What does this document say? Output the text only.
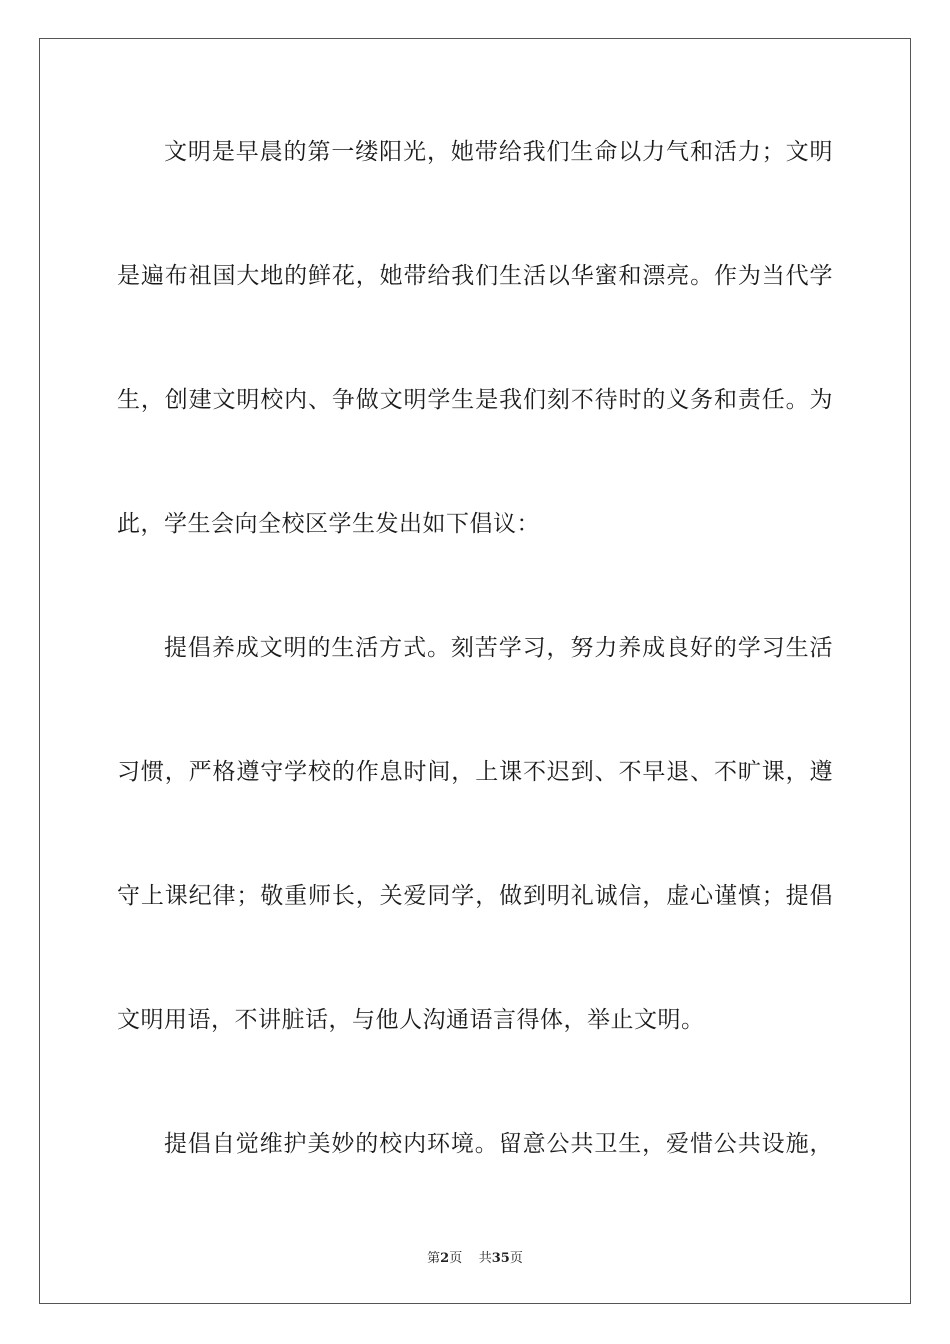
文明是早晨的第一缕阳光，她带给我们生命以力气和活力；文明

是遍布祖国大地的鲜花，她带给我们生活以华蜜和漂亮。作为当代学

生，创建文明校内、争做文明学生是我们刻不待时的义务和责任。为

此，学生会向全校区学生发出如下倡议：

提倡养成文明的生活方式。刻苦学习，努力养成良好的学习生活

习惯，严格遵守学校的作息时间，上课不迟到、不早退、不旷课，遵

守上课纪律；敬重师长，关爱同学，做到明礼诚信，虚心谨慎；提倡

文明用语，不讲脏话，与他人沟通语言得体，举止文明。

提倡自觉维护美妙的校内环境。留意公共卫生，爱惜公共设施，

第2页 共35页
